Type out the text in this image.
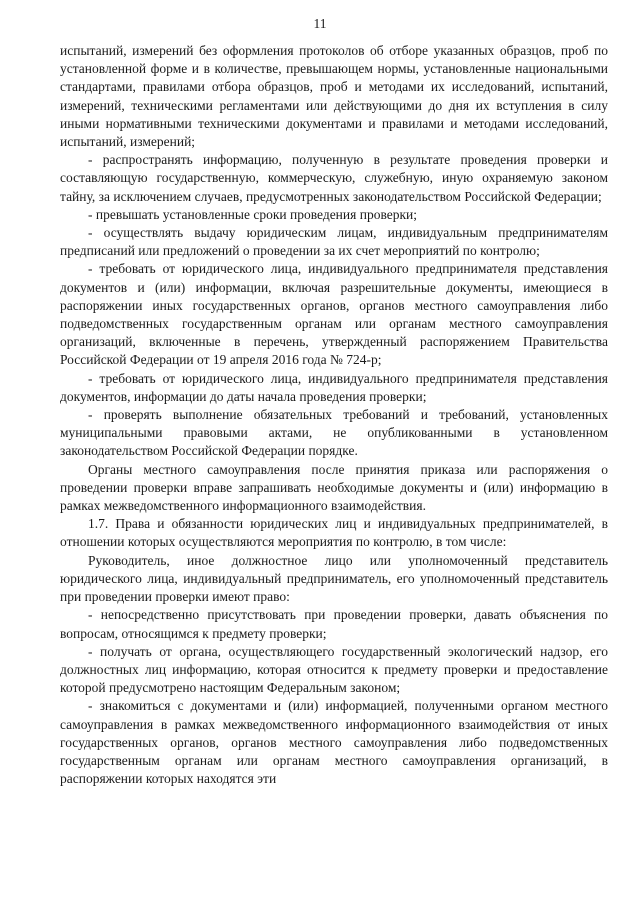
11

испытаний, измерений без оформления протоколов об отборе указанных образцов, проб по установленной форме и в количестве, превышающем нормы, установленные национальными стандартами, правилами отбора образцов, проб и методами их исследований, испытаний, измерений, техническими регламентами или действующими до дня их вступления в силу иными нормативными техническими документами и правилами и методами исследований, испытаний, измерений;

- распространять информацию, полученную в результате проведения проверки и составляющую государственную, коммерческую, служебную, иную охраняемую законом тайну, за исключением случаев, предусмотренных законодательством Российской Федерации;

- превышать установленные сроки проведения проверки;

- осуществлять выдачу юридическим лицам, индивидуальным предпринимателям предписаний или предложений о проведении за их счет мероприятий по контролю;

- требовать от юридического лица, индивидуального предпринимателя представления документов и (или) информации, включая разрешительные документы, имеющиеся в распоряжении иных государственных органов, органов местного самоуправления либо подведомственных государственным органам или органам местного самоуправления организаций, включенные в перечень, утвержденный распоряжением Правительства Российской Федерации от 19 апреля 2016 года № 724-р;

- требовать от юридического лица, индивидуального предпринимателя представления документов, информации до даты начала проведения проверки;

- проверять выполнение обязательных требований и требований, установленных муниципальными правовыми актами, не опубликованными в установленном законодательством Российской Федерации порядке.

Органы местного самоуправления после принятия приказа или распоряжения о проведении проверки вправе запрашивать необходимые документы и (или) информацию в рамках межведомственного информационного взаимодействия.

1.7. Права и обязанности юридических лиц и индивидуальных предпринимателей, в отношении которых осуществляются мероприятия по контролю, в том числе:

Руководитель, иное должностное лицо или уполномоченный представитель юридического лица, индивидуальный предприниматель, его уполномоченный представитель при проведении проверки имеют право:

- непосредственно присутствовать при проведении проверки, давать объяснения по вопросам, относящимся к предмету проверки;

- получать от органа, осуществляющего государственный экологический надзор, его должностных лиц информацию, которая относится к предмету проверки и предоставление которой предусмотрено настоящим Федеральным законом;

- знакомиться с документами и (или) информацией, полученными органом местного самоуправления в рамках межведомственного информационного взаимодействия от иных государственных органов, органов местного самоуправления либо подведомственных государственным органам или органам местного самоуправления организаций, в распоряжении которых находятся эти
